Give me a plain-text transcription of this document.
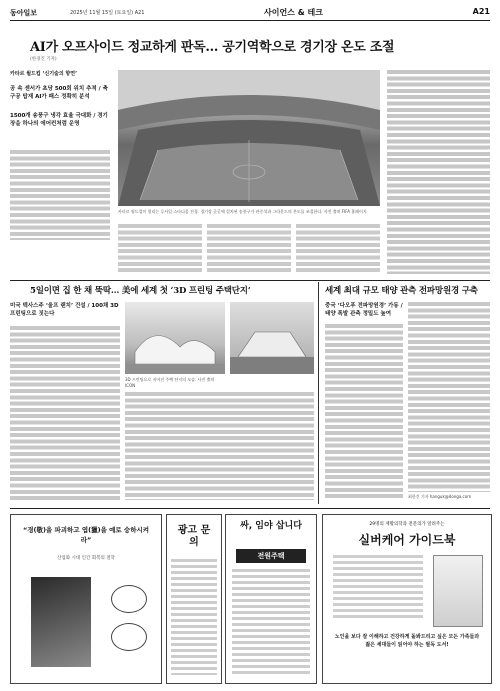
동아일보	2025년 11월 15일 (토요일) A21	사이언스 & 테크	A21
AI가 오프사이드 정교하게 판독… 공기역학으로 경기장 온도 조절
(한경진 기자)
카타르 월드컵 ‘신기술의 향연’
공 속 센서가 초당 500회 위치 추적 / 축구공 탑재 AI가 패스 정확히 분석
1500개 송풍구 냉각 효율 극대화 / 경기장을 하나의 에어컨처럼 운영
카타르 월드컵이 열리는 루사일 스타디움 전경. 경기장 곳곳에 설치된 송풍구가 관중석과 그라운드의 온도를 조절한다. 사진 출처 FIFA 홈페이지
5일이면 집 한 채 뚝딱… 美에 세계 첫 ‘3D 프린팅 주택단지’	세계 최대 규모 태양 관측 전파망원경 구축
미국 텍사스주 ‘울프 랜치’ 건설 / 100채 3D 프린팅으로 짓는다
3D 프린팅으로 지어진 주택 단지의 모습. 사진 출처 ICON
중국 ‘다오푸 전파망원경’ 가동 / 태양 폭발 관측 정밀도 높여
최한건 기자 hanguk@donga.com
“경(敬)을 파괴하고 엽(獵)을 예로 숭하시켜라”
산업화 시대 인간 회복의 철학
광고 문의
싸, 임야 삽니다
전원주택
29명의 재활의학과 전문의가 알려주는
실버케어 가이드북
노인을 보다 잘 이해하고 건강하게 돌봐드리고 싶은 모든 가족들과 젊은 세대들이 읽어야 하는 필독 도서!
